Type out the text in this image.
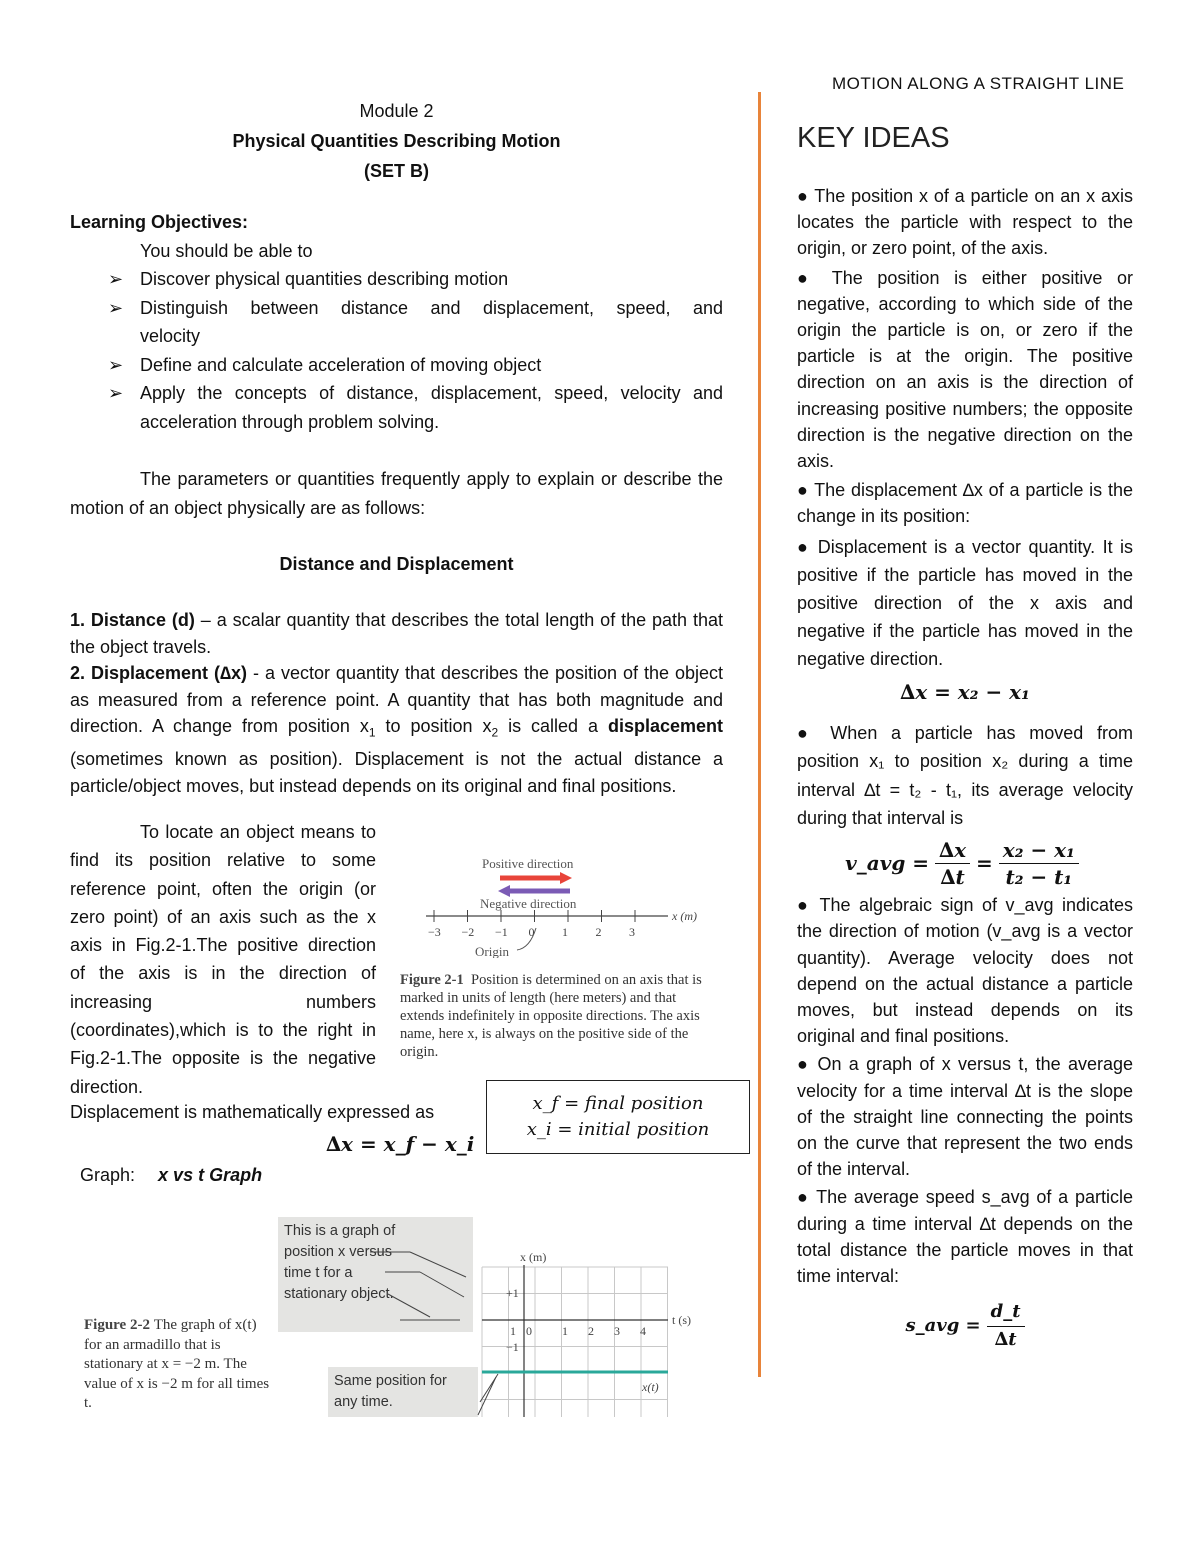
MOTION ALONG A STRAIGHT LINE
Module 2
Physical Quantities Describing Motion
(SET B)
Learning Objectives:
You should be able to
➢ Discover physical quantities describing motion
➢ Distinguish between distance and displacement, speed, and velocity
➢ Define and calculate acceleration of moving object
➢ Apply the concepts of distance, displacement, speed, velocity and acceleration through problem solving.
The parameters or quantities frequently apply to explain or describe the motion of an object physically are as follows:
Distance and Displacement
1. Distance (d) – a scalar quantity that describes the total length of the path that the object travels.
2. Displacement (∆x) - a vector quantity that describes the position of the object as measured from a reference point. A quantity that has both magnitude and direction. A change from position $x_1$ to position $x_2$ is called a displacement (sometimes known as position). Displacement is not the actual distance a particle/object moves, but instead depends on its original and final positions.
To locate an object means to find its position relative to some reference point, often the origin (or zero point) of an axis such as the x axis in Fig.2-1.The positive direction of the axis is in the direction of increasing numbers (coordinates),which is to the right in Fig.2-1.The opposite is the negative direction.
Positive direction
Negative direction
−3 −2 −1 0 1 2 3
x (m)
Origin
Figure 2-1 Position is determined on an axis that is marked in units of length (here meters) and that extends indefinitely in opposite directions. The axis name, here x, is always on the positive side of the origin.
x_f = final position
x_i = initial position
Displacement is mathematically expressed as
∆x = x_f − x_i
Graph: x vs t Graph
Figure 2-2 The graph of x(t) for an armadillo that is stationary at x = −2 m. The value of x is −2 m for all times t.
This is a graph of position x versus time t for a stationary object.
Same position for any time.
x (m)
t (s)
+1
−1
1 0	1 2 3 4
x(t)
KEY IDEAS

● The position x of a particle on an x axis locates the particle with respect to the origin, or zero point, of the axis.

● The position is either positive or negative, according to which side of the origin the particle is on, or zero if the particle is at the origin. The positive direction on an axis is the direction of increasing positive numbers; the opposite direction is the negative direction on the axis.

● The displacement ∆x of a particle is the change in its position:

● Displacement is a vector quantity. It is positive if the particle has moved in the positive direction of the x axis and negative if the particle has moved in the negative direction.

∆x = x₂ − x₁

● When a particle has moved from position x₁ to position x₂ during a time interval ∆t = t₂ - t₁, its average velocity during that interval is

v_avg = $\frac{\Delta x}{\Delta t} = \frac{\text{x₂ − x₁}}{\text{t₂ − t₁}}$

● The algebraic sign of v_avg indicates the direction of motion (v_avg is a vector quantity). Average velocity does not depend on the actual distance a particle moves, but instead depends on its original and final positions.

● On a graph of x versus t, the average velocity for a time interval ∆t is the slope of the straight line connecting the points on the curve that represent the two ends of the interval.

● The average speed s_avg of a particle during a time interval ∆t depends on the total distance the particle moves in that time interval:

s_avg = $\frac{d\_t}{\Delta t}$
